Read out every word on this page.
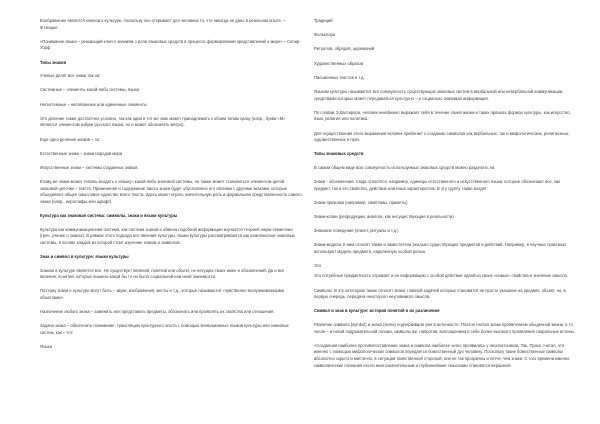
Воображение является ключом к культуре, поскольку оно открывает для человека то, что никогда не дано в реальном опыте. – Ф.Ницше

«Понимание языка – решающий ключ к знаниям о роли языковых средств в процессе формирования представлений о мире» – Сепир-Уорф

Типы знаков

Ученые делят все знаки так на:

Системные – элементы какой-либо системы, языка

Несистемные – несвязанные или единичные элементы

Это деление также достаточно условно, так как один и тот же знак может принадлежать к обоим типам сразу (напр., буква «М» является элементом азбуки русского языка, но и может обозначать метро).

Еще одно деление знаков – по:

Естественные знаки – знаки народов мира

Искусственные знаки – системы созданных знаков

Ктому же знаки может теповы входить к «языку» какой-либо знаковой системы, он также может становиться элементом целой знаковой цепочки – текста. Применение и содержание такого знака будет обусловлено его связями с другими знаками, которые объединяют общее смысловое единство всего текста. Здесь может играть значительную роль и формальная представленность самого знака (напр., иероглифы или шрифт).

Культура как знаковая система: символы, знаки и языки культуры

Культура как коммуникационная система, как система знаков и обмена подобной информации изучается теорией науки семиотики (греч. учение о знаках). В рамках этого подхода все явления культуры, языки культуры рассматриваются как комплексные знаковые системы, в основе каждой из которой стоит изучение знаков и символов.

Знак и символ в культуре: языки культуры

Знаком в культуре является все. Не существует явлений, понятий или объект, не несущих своих имен и обозначений. Да и все явления, понятия, которые лишены какой бы то ни было социальной или иной значимости.

Поэтому знаки и культуре могут быть – звуки, изображения, жесты и т.д., которые называются «чувственно воспринимаемыми объектами».

Назначение любого знака – заменить или представить предметы, обозначать или проявлять их свойства или отношения.

Задача знака – обеспечить понимание, трансляцию культурного опыта с помощью всевозможных языков культуры или знаковых систем, как – тот:

Языка

Традиций

Фольклора

Ритуалов, обрядов, церемоний

Художественных образов

Письменных текстов и т.д.

Языком культуры называются вся совокупность существующих знаковых систем в вербальной или невербальной коммуникации, средствами которых может передаваться культурно – и социально значимая информация.

По словам Э.Кассирера, человек неизбежно выражает себя в течение своей жизни и таких ярлыках формах культуры, как искусство, язык, религия или политика.

Для осуществления этого выражения человек прибегает к созданию символов как вербальных, так и мифологических, религиозных, художественных и проч.

Типы знаковых средств

В самом общем виде всю совокупность используемых знаковых средств можно разделить на

Знаки - обозначения. Сюда относятся, например, единицы естественного и искусственного языка, которые обозначают все, как предмет, так и его свойство, действие или иных характеристик. В эту группу также входят:

Знаки-признаки (например, симптомы, приметы)

Знаки-копии (репродукции, аналоги, как несуществующие в реальности)

Знаковое поведение (этикет, ритуалы и т.д.)

Знаки-модели. К ним относят также и заместители реально существующих предметов и действий. Например, в научных практиках используют модель предмета, наделенную особой ролью.

Это

Это потребные предметность отражает и ее информацию с особой действие одной из своих «новых» свойства и значение смысла.

Символы. В эту категорию также относят знаки, главной задачей которых становится не просто указание на предмет, объект, но, в первую очередь, передача некоторого неуловимого смысла.

Символ и знак в культуре: история понятий и их различения

Различие символа (symbol) и знака (sema) подчеркивали уже в античности. Платон считал знаки проявлением обыденной жизни, в то числе – и некой подражательной поэзии, символы же, напротив, воплощением в себе более высокого проявления сакральные истины.

«Созданная наиболее противопоставление знака и символа наиболее четко проявились у неоплатоников. Так, Прокл считал, что именно с помощью мифологических символов передается божественный дух человеку. Поскольку такие божественные символы абсолютно скрыто и мистично, в ситуации таинственной стороной, они не так прозрачны и легче, чем знаки. С того времени именно символические познания несли многозначительным и глубиннейшие смыслами становятся вершиной
